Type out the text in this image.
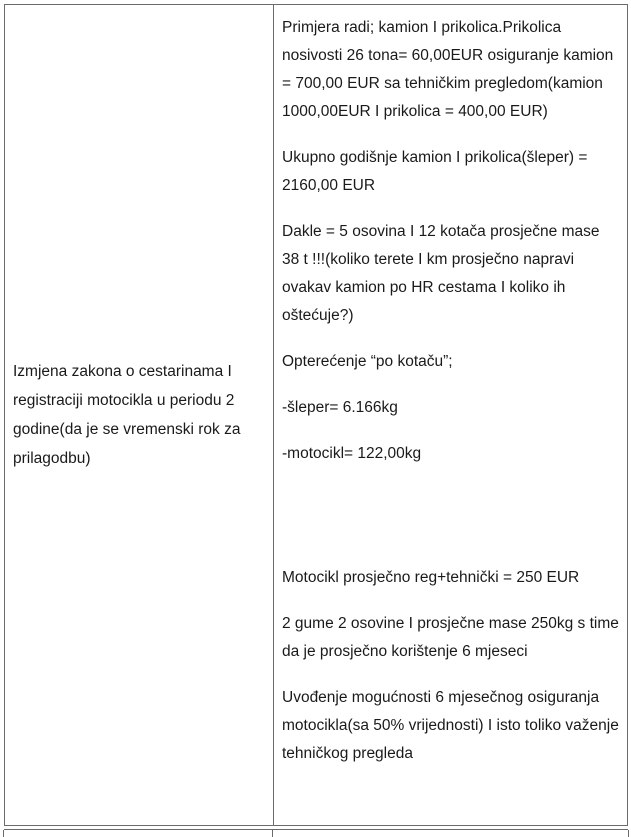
Izmjena zakona o cestarinama I registraciji motocikla u periodu 2 godine(da je se vremenski rok za prilagodbu)

Primjera radi; kamion I prikolica.Prikolica nosivosti 26 tona= 60,00EUR osiguranje kamion = 700,00 EUR sa tehničkim pregledom(kamion 1000,00EUR I prikolica = 400,00 EUR)

Ukupno godišnje kamion I prikolica(šleper) = 2160,00 EUR

Dakle = 5 osovina I 12 kotača prosječne mase 38 t !!!(koliko terete I km prosječno napravi ovakav kamion po HR cestama I koliko ih oštećuje?)

Opterećenje “po kotaču”;

-šleper= 6.166kg

-motocikl= 122,00kg

Motocikl prosječno reg+tehnički = 250 EUR

2 gume 2 osovine I prosječne mase 250kg s time da je prosječno korištenje 6 mjeseci

Uvođenje mogućnosti 6 mjesečnog osiguranja motocikla(sa 50% vrijednosti) I isto toliko važenje tehničkog pregleda
